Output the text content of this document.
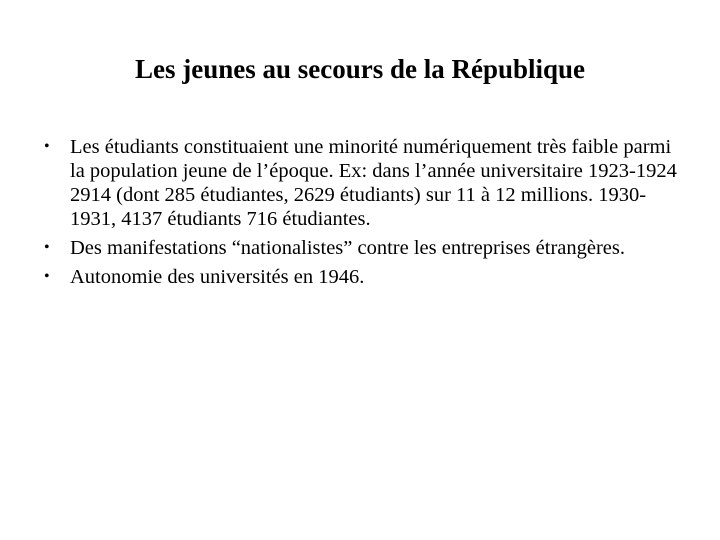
Les jeunes au secours de la République
• Les étudiants constituaient une minorité numériquement très faible parmi la population jeune de l’époque. Ex: dans l’année universitaire 1923-1924 2914 (dont 285 étudiantes, 2629 étudiants) sur 11 à 12 millions. 1930-1931, 4137 étudiants 716 étudiantes.
• Des manifestations “nationalistes” contre les entreprises étrangères.
• Autonomie des universités en 1946.
